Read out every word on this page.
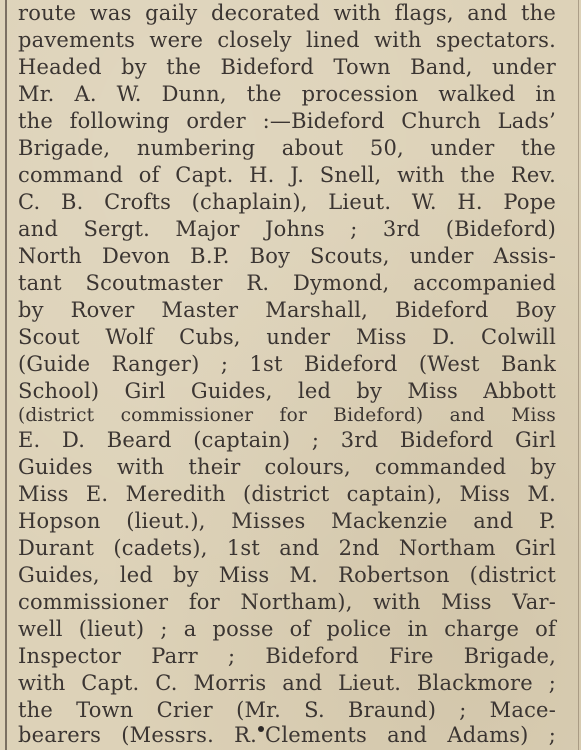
route was gaily decorated with flags, and the
pavements were closely lined with spectators.
Headed by the Bideford Town Band, under
Mr. A. W. Dunn, the procession walked in
the following order :—Bideford Church Lads’
Brigade, numbering about 50, under the
command of Capt. H. J. Snell, with the Rev.
C. B. Crofts (chaplain), Lieut. W. H. Pope
and Sergt. Major Johns ; 3rd (Bideford)
North Devon B.P. Boy Scouts, under Assis-
tant Scoutmaster R. Dymond, accompanied
by Rover Master Marshall, Bideford Boy
Scout Wolf Cubs, under Miss D. Colwill
(Guide Ranger) ; 1st Bideford (West Bank
School) Girl Guides, led by Miss Abbott
(district commissioner for Bideford) and Miss
E. D. Beard (captain) ; 3rd Bideford Girl
Guides with their colours, commanded by
Miss E. Meredith (district captain), Miss M.
Hopson (lieut.), Misses Mackenzie and P.
Durant (cadets), 1st and 2nd Northam Girl
Guides, led by Miss M. Robertson (district
commissioner for Northam), with Miss Var-
well (lieut) ; a posse of police in charge of
Inspector Parr ; Bideford Fire Brigade,
with Capt. C. Morris and Lieut. Blackmore ;
the Town Crier (Mr. S. Braund) ; Mace-
bearers (Messrs. R. Clements and Adams) ;
